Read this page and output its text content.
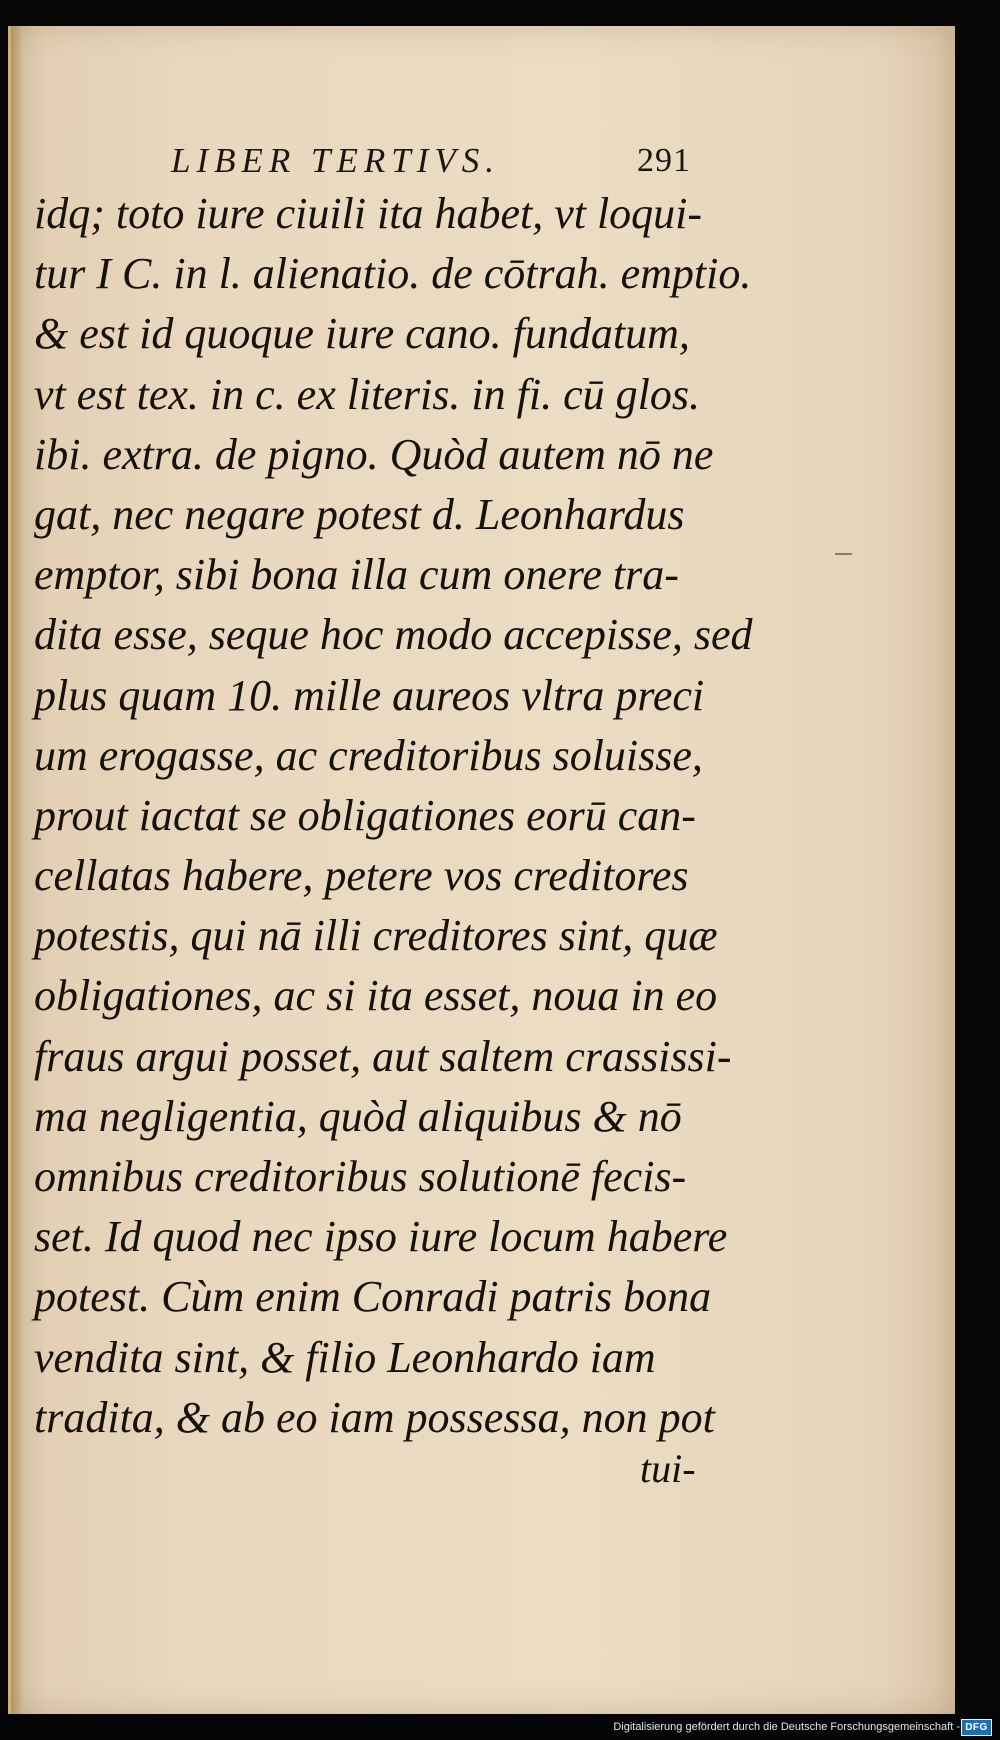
LIBER TERTIVS.	291
idq; toto iure ciuili ita habet, vt loqui-
tur I C. in l. alienatio. de cōtrah. emptio.
& est id quoque iure cano. fundatum,
vt est tex. in c. ex literis. in fi. cū glos.
ibi. extra. de pigno. Quòd autem nō ne
gat, nec negare potest d. Leonhardus
emptor, sibi bona illa cum onere tra-
dita esse, seque hoc modo accepisse, sed
plus quam 10. mille aureos vltra preci
um erogasse, ac creditoribus soluisse,
prout iactat se obligationes eorū can-
cellatas habere, petere vos creditores
potestis, qui nā illi creditores sint, quæ
obligationes, ac si ita esset, noua in eo
fraus argui posset, aut saltem crassissi-
ma negligentia, quòd aliquibus & nō
omnibus creditoribus solutionē fecis-
set. Id quod nec ipso iure locum habere
potest. Cùm enim Conradi patris bona
vendita sint, & filio Leonhardo iam
tradita, & ab eo iam possessa, non pot
tui-
Digitalisierung gefördert durch die Deutsche Forschungsgemeinschaft - DFG
